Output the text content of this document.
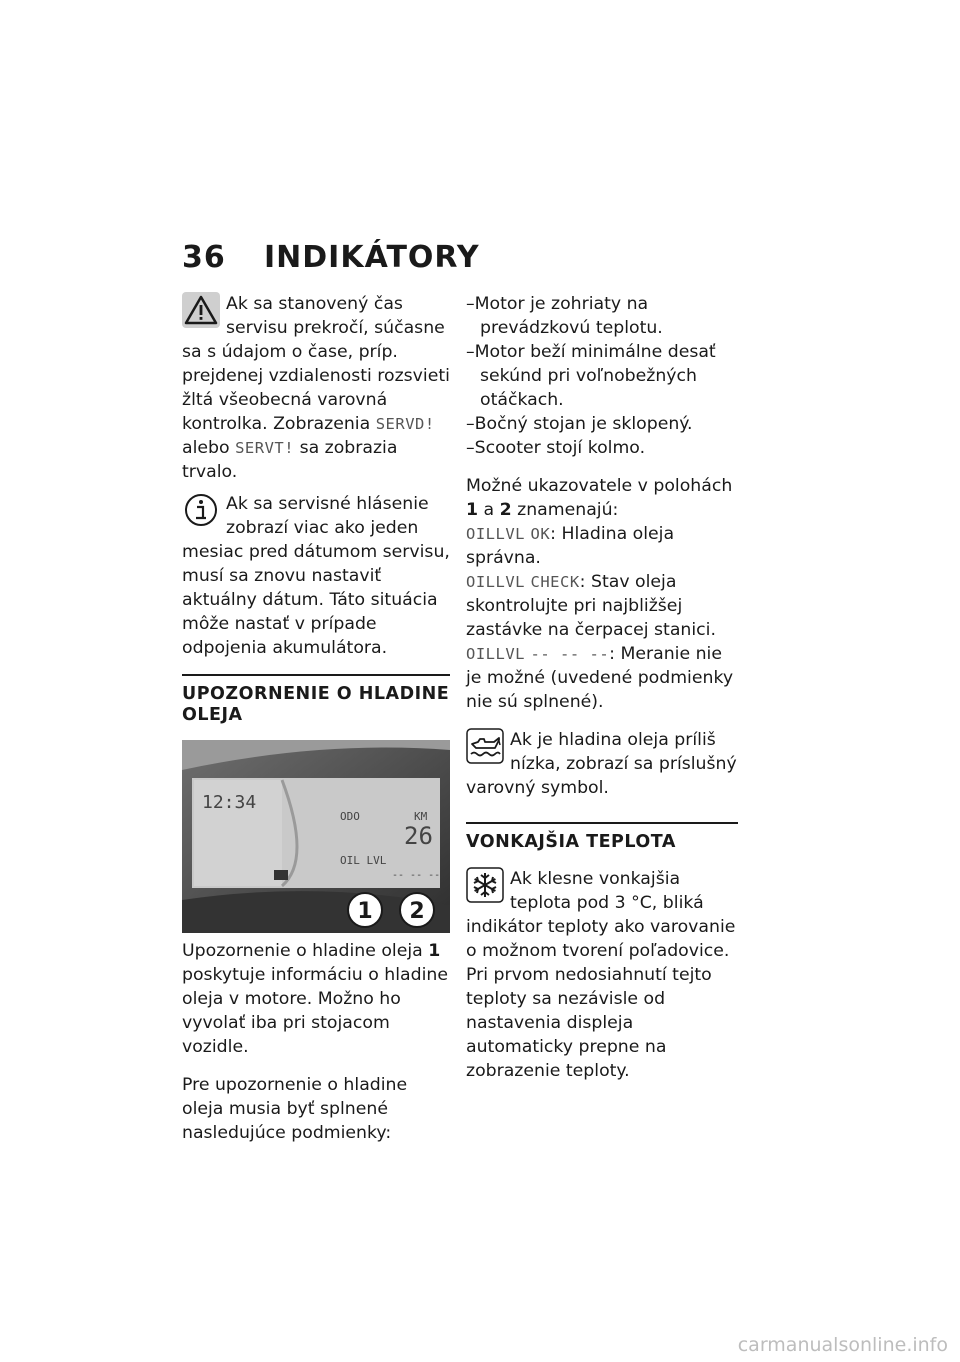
36 INDIKÁTORY

Ak sa stanovený čas servisu prekročí, súčasne sa s údajom o čase, príp. prejdenej vzdialenosti rozsvieti žltá všeobecná varovná kontrolka. Zobrazenia SERVD! alebo SERVT! sa zobrazia trvalo.

Ak sa servisné hlásenie zobrazí viac ako jeden mesiac pred dátumom servisu, musí sa znovu nastaviť aktuálny dátum. Táto situácia môže nastať v prípade odpojenia akumulátora.

UPOZORNENIE O HLADINE OLEJA
12:34
ODO	KM
26
OIL LVL
-- -- --
1 2

Upozornenie o hladine oleja 1 poskytuje informáciu o hladine oleja v motore. Možno ho vyvolať iba pri stojacom vozidle.

Pre upozornenie o hladine oleja musia byť splnené nasledujúce podmienky:

–Motor je zohriaty na prevádzkovú teplotu.
–Motor beží minimálne desať sekúnd pri voľnobežných otáčkach.
–Bočný stojan je sklopený.
–Scooter stojí kolmo.

Možné ukazovatele v polohách 1 a 2 znamenajú:

OILLVL OK: Hladina oleja správna.

OILLVL CHECK: Stav oleja skontrolujte pri najbližšej zastávke na čerpacej stanici.

OILLVL -- -- --: Meranie nie je možné (uvedené podmienky nie sú splnené).

Ak je hladina oleja príliš nízka, zobrazí sa príslušný varovný symbol.

VONKAJŠIA TEPLOTA

Ak klesne vonkajšia teplota pod 3 °C, bliká indikátor teploty ako varovanie o možnom tvorení poľadovice. Pri prvom nedosiahnutí tejto teploty sa nezávisle od nastavenia displeja automaticky prepne na zobrazenie teploty.

carmanualsonline.info
